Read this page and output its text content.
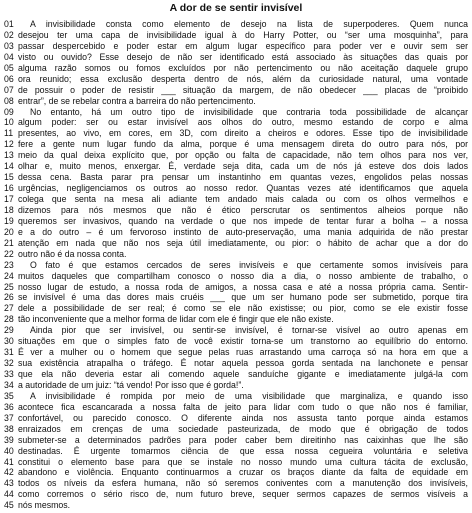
A dor de se sentir invisível
01	A invisibilidade consta como elemento de desejo na lista de superpoderes. Quem nunca
02 desejou ter uma capa de invisibilidade igual à do Harry Potter, ou “ser uma mosquinha”, para
03 passar despercebido e poder estar em algum lugar específico para poder ver e ouvir sem ser
04 visto ou ouvido? Esse desejo de não ser identificado está associado às situações das quais por
05 alguma razão somos ou fomos excluídos por não pertencimento ou não aceitação daquele grupo
06 ora reunido; essa exclusão desperta dentro de nós, além da curiosidade natural, uma vontade
07 de possuir o poder de resistir ___ situação da margem, de não obedecer ___ placas de “proibido
08 entrar”, de se rebelar contra a barreira do não pertencimento.
09	No entanto, há um outro tipo de invisibilidade que contraria toda possibilidade de alcançar
10 algum poder: ser ou estar invisível aos olhos do outro, mesmo estando de corpo e alma
11 presentes, ao vivo, em cores, em 3D, com direito a cheiros e odores. Esse tipo de invisibilidade
12 fere a gente num lugar fundo da alma, porque é uma mensagem direta do outro para nós, por
13 meio da qual deixa explícito que, por opção ou falta de capacidade, não tem olhos para nos ver,
14 olhar e, muito menos, enxergar. É, verdade seja dita, cada um de nós já esteve dos dois lados
15 dessa cena. Basta parar pra pensar um instantinho em quantas vezes, engolidos pelas nossas
16 urgências, negligenciamos os outros ao nosso redor. Quantas vezes até identificamos que aquela
17 colega que senta na mesa ali adiante tem andado mais calada ou com os olhos vermelhos e
18 dizemos para nós mesmos que não é ético perscrutar os sentimentos alheios porque não
19 queremos ser invasivos, quando na verdade o que nos impede de tentar furar a bolha – a nossa
20 e a do outro – é um fervoroso instinto de auto-preservação, uma mania adquirida de não prestar
21 atenção em nada que não nos seja útil imediatamente, ou pior: o hábito de achar que a dor do
22 outro não é da nossa conta.
23	O fato é que estamos cercados de seres invisíveis e que certamente somos invisíveis para
24 muitos daqueles que compartilham conosco o nosso dia a dia, o nosso ambiente de trabalho, o
25 nosso lugar de estudo, a nossa roda de amigos, a nossa casa e até a nossa própria cama. Sentir-
26 se invisível é uma das dores mais cruéis ___ que um ser humano pode ser submetido, porque tira
27 dele a possibilidade de ser real; é como se ele não existisse; ou pior, como se ele existir fosse
28 tão inconveniente que a melhor forma de lidar com ele é fingir que ele não existe.
29	Ainda pior que ser invisível, ou sentir-se invisível, é tornar-se visível ao outro apenas em
30 situações em que o simples fato de você existir torna-se um transtorno ao equilíbrio do entorno.
31 É ver a mulher ou o homem que segue pelas ruas arrastando uma carroça só na hora em que a
32 sua existência atrapalha o tráfego. É notar aquela pessoa gorda sentada na lanchonete e pensar
33 que ela não deveria estar ali comendo aquele sanduíche gigante e imediatamente julgá-la com
34 a autoridade de um juiz: “tá vendo! Por isso que é gorda!”.
35	A invisibilidade é rompida por meio de uma visibilidade que marginaliza, e quando isso
36 acontece fica escancarada a nossa falta de jeito para lidar com tudo o que não nos é familiar,
37 confortável, ou parecido conosco. O diferente ainda nos assusta tanto porque ainda estamos
38 enraizados em crenças de uma sociedade pasteurizada, de modo que é obrigação de todos
39 submeter-se a determinados padrões para poder caber bem direitinho nas caixinhas que lhe são
40 destinadas. É urgente tomarmos ciência de que essa nossa cegueira voluntária e seletiva
41 constitui o elemento base para que se instale no nosso mundo uma cultura tácita de exclusão,
42 abandono e violência. Enquanto continuarmos a cruzar os braços diante da falta de equidade em
43 todos os níveis da esfera humana, não só seremos coniventes com a manutenção dos invisíveis,
44 como corremos o sério risco de, num futuro breve, sequer sermos capazes de sermos visíveis a
45 nós mesmos.
